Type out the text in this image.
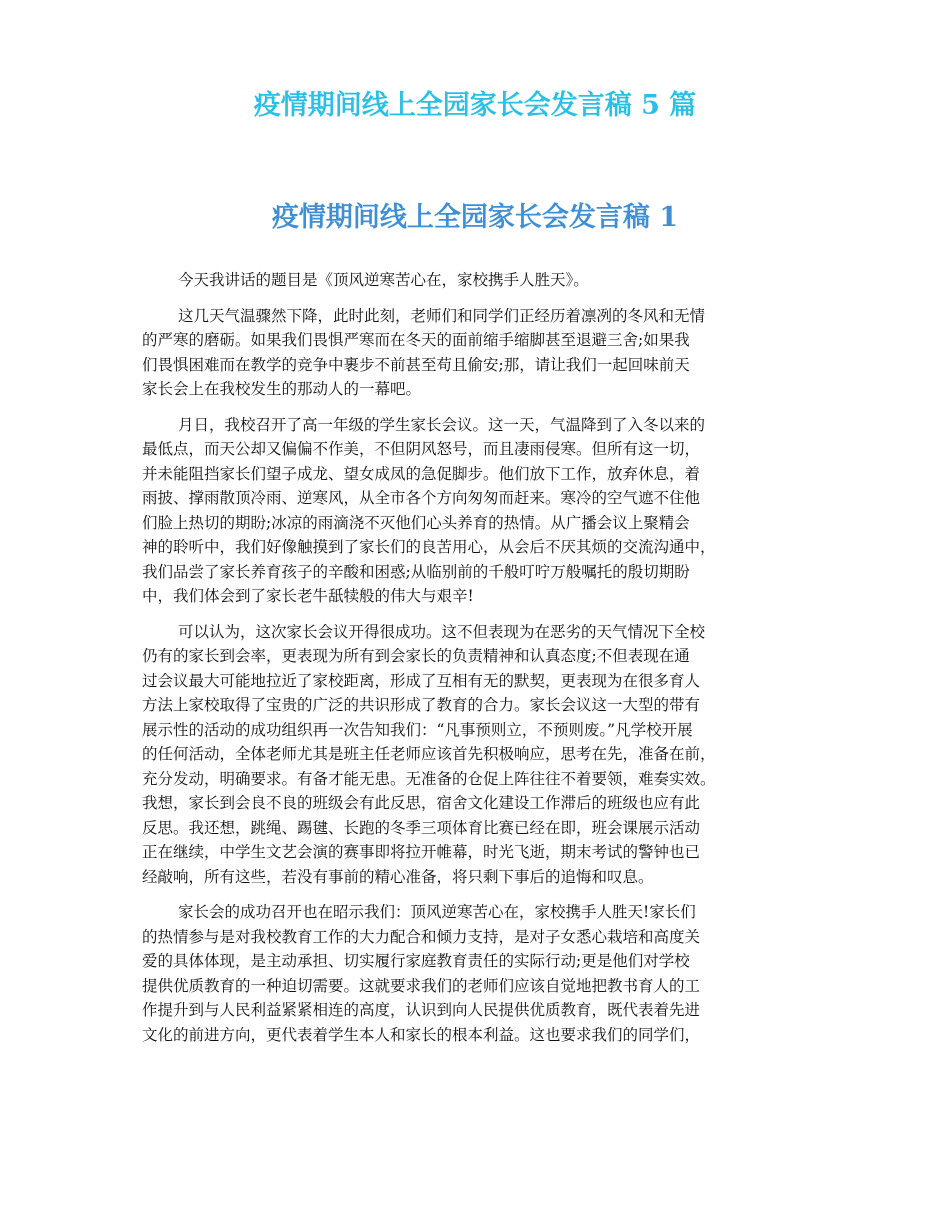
疫情期间线上全园家长会发言稿 5 篇
疫情期间线上全园家长会发言稿 1

今天我讲话的题目是《顶风逆寒苦心在，家校携手人胜天》。

这几天气温骤然下降，此时此刻，老师们和同学们正经历着凛冽的冬风和无情
的严寒的磨砺。如果我们畏惧严寒而在冬天的面前缩手缩脚甚至退避三舍;如果我
们畏惧困难而在教学的竞争中裹步不前甚至苟且偷安;那，请让我们一起回味前天
家长会上在我校发生的那动人的一幕吧。

月日，我校召开了高一年级的学生家长会议。这一天，气温降到了入冬以来的
最低点，而天公却又偏偏不作美，不但阴风怒号，而且凄雨侵寒。但所有这一切，
并未能阻挡家长们望子成龙、望女成凤的急促脚步。他们放下工作，放弃休息，着
雨披、撑雨散顶冷雨、逆寒风，从全市各个方向匆匆而赶来。寒冷的空气遮不住他
们脸上热切的期盼;冰凉的雨滴浇不灭他们心头养育的热情。从广播会议上聚精会
神的聆听中，我们好像触摸到了家长们的良苦用心，从会后不厌其烦的交流沟通中，
我们品尝了家长养育孩子的辛酸和困惑;从临别前的千般叮咛万般嘱托的殷切期盼
中，我们体会到了家长老牛舐犊般的伟大与艰辛!

可以认为，这次家长会议开得很成功。这不但表现为在恶劣的天气情况下全校
仍有的家长到会率，更表现为所有到会家长的负责精神和认真态度;不但表现在通
过会议最大可能地拉近了家校距离，形成了互相有无的默契，更表现为在很多育人
方法上家校取得了宝贵的广泛的共识形成了教育的合力。家长会议这一大型的带有
展示性的活动的成功组织再一次告知我们：“凡事预则立，不预则废。”凡学校开展
的任何活动，全体老师尤其是班主任老师应该首先积极响应，思考在先，准备在前，
充分发动，明确要求。有备才能无患。无准备的仓促上阵往往不着要领，难奏实效。
我想，家长到会良不良的班级会有此反思，宿舍文化建设工作滞后的班级也应有此
反思。我还想，跳绳、踢毽、长跑的冬季三项体育比赛已经在即，班会课展示活动
正在继续，中学生文艺会演的赛事即将拉开帷幕，时光飞逝，期末考试的警钟也已
经敲响，所有这些，若没有事前的精心准备，将只剩下事后的追悔和叹息。

家长会的成功召开也在昭示我们：顶风逆寒苦心在，家校携手人胜天!家长们
的热情参与是对我校教育工作的大力配合和倾力支持，是对子女悉心栽培和高度关
爱的具体体现，是主动承担、切实履行家庭教育责任的实际行动;更是他们对学校
提供优质教育的一种迫切需要。这就要求我们的老师们应该自觉地把教书育人的工
作提升到与人民利益紧紧相连的高度，认识到向人民提供优质教育，既代表着先进
文化的前进方向，更代表着学生本人和家长的根本利益。这也要求我们的同学们，
